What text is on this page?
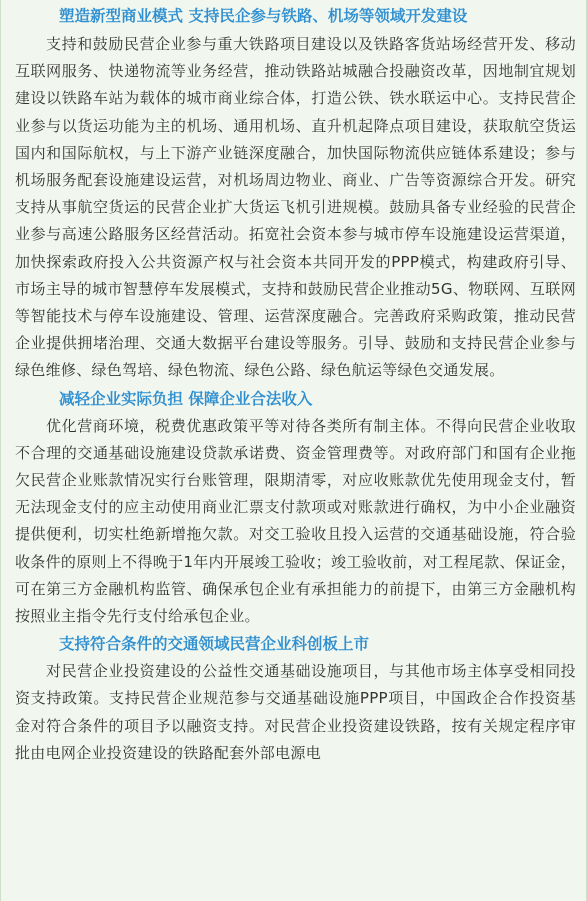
塑造新型商业模式 支持民企参与铁路、机场等领域开发建设

支持和鼓励民营企业参与重大铁路项目建设以及铁路客货站场经营开发、移动互联网服务、快递物流等业务经营，推动铁路站城融合投融资改革，因地制宜规划建设以铁路车站为载体的城市商业综合体，打造公铁、铁水联运中心。支持民营企业参与以货运功能为主的机场、通用机场、直升机起降点项目建设，获取航空货运国内和国际航权，与上下游产业链深度融合，加快国际物流供应链体系建设；参与机场服务配套设施建设运营，对机场周边物业、商业、广告等资源综合开发。研究支持从事航空货运的民营企业扩大货运飞机引进规模。鼓励具备专业经验的民营企业参与高速公路服务区经营活动。拓宽社会资本参与城市停车设施建设运营渠道，加快探索政府投入公共资源产权与社会资本共同开发的PPP模式，构建政府引导、市场主导的城市智慧停车发展模式，支持和鼓励民营企业推动5G、物联网、互联网等智能技术与停车设施建设、管理、运营深度融合。完善政府采购政策，推动民营企业提供拥堵治理、交通大数据平台建设等服务。引导、鼓励和支持民营企业参与绿色维修、绿色驾培、绿色物流、绿色公路、绿色航运等绿色交通发展。

减轻企业实际负担 保障企业合法收入

优化营商环境，税费优惠政策平等对待各类所有制主体。不得向民营企业收取不合理的交通基础设施建设贷款承诺费、资金管理费等。对政府部门和国有企业拖欠民营企业账款情况实行台账管理，限期清零，对应收账款优先使用现金支付，暂无法现金支付的应主动使用商业汇票支付款项或对账款进行确权，为中小企业融资提供便利，切实杜绝新增拖欠款。对交工验收且投入运营的交通基础设施，符合验收条件的原则上不得晚于1年内开展竣工验收；竣工验收前，对工程尾款、保证金，可在第三方金融机构监管、确保承包企业有承担能力的前提下，由第三方金融机构按照业主指令先行支付给承包企业。

支持符合条件的交通领域民营企业科创板上市

对民营企业投资建设的公益性交通基础设施项目，与其他市场主体享受相同投资支持政策。支持民营企业规范参与交通基础设施PPP项目，中国政企合作投资基金对符合条件的项目予以融资支持。对民营企业投资建设铁路，按有关规定程序审批由电网企业投资建设的铁路配套外部电源电
